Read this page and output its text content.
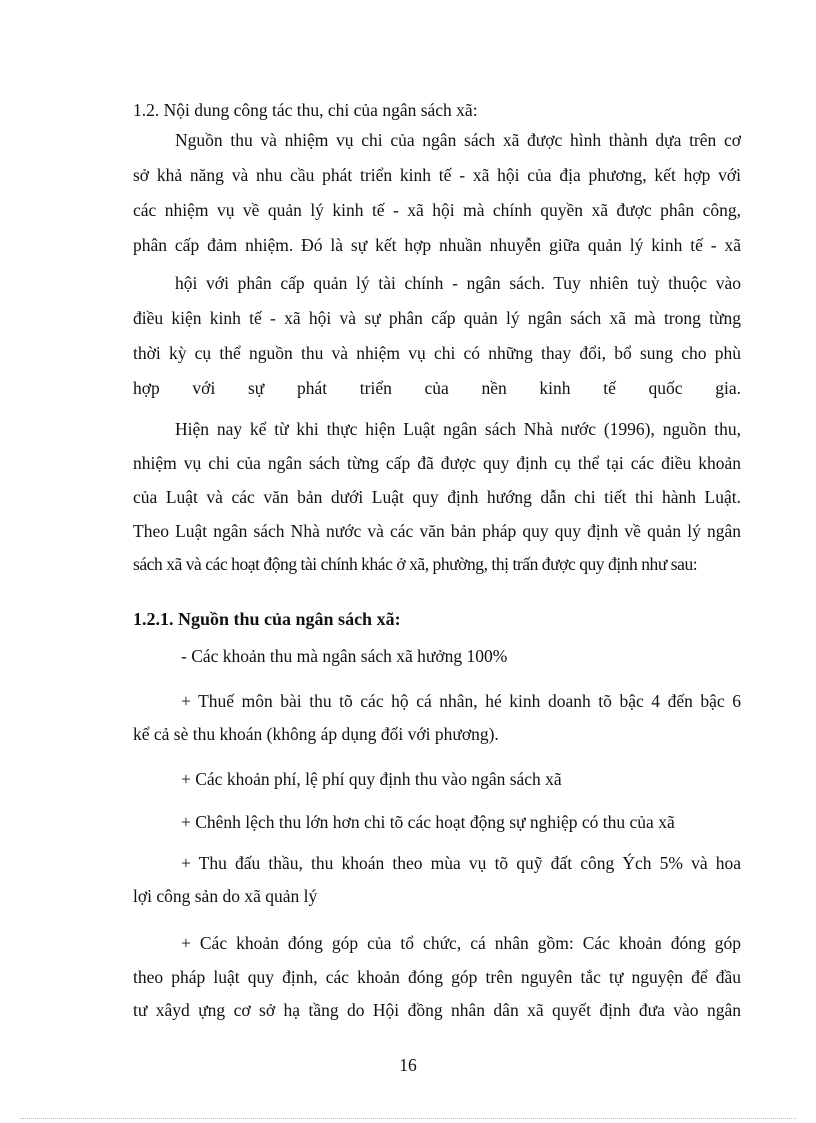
1.2. Nội dung công tác thu, chi của ngân sách xã:
Nguồn thu và nhiệm vụ chi của ngân sách xã được hình thành dựa trên cơ
sở khả năng và nhu cầu phát triển kinh tế - xã hội của địa phương, kết hợp với
các nhiệm vụ về quản lý kinh tế - xã hội mà chính quyền xã được phân công,
phân cấp đảm nhiệm. Đó là sự kết hợp nhuần nhuyễn giữa quản lý kinh tế - xã
hội với phân cấp quản lý tài chính - ngân sách. Tuy nhiên tuỳ thuộc vào
điều kiện kinh tế - xã hội và sự phân cấp quản lý ngân sách xã mà trong từng
thời kỳ cụ thể nguồn thu và nhiệm vụ chi có những thay đổi, bổ sung cho phù
hợp với sự phát triển của nền kinh tế quốc gia.
Hiện nay kể từ khi thực hiện Luật ngân sách Nhà nước (1996), nguồn thu,
nhiệm vụ chi của ngân sách từng cấp đã được quy định cụ thể tại các điều khoản
của Luật và các văn bản dưới Luật quy định hướng dẫn chi tiết thi hành Luật.
Theo Luật ngân sách Nhà nước và các văn bản pháp quy quy định về quản lý ngân
sách xã và các hoạt động tài chính khác ở xã, phường, thị trấn được quy định như sau:
1.2.1. Nguồn thu của ngân sách xã:
- Các khoản thu mà ngân sách xã hưởng 100%
+ Thuế môn bài thu tõ các hộ cá nhân, hé kinh doanh tõ bậc 4 đến bậc 6
kể cả sè thu khoán (không áp dụng đối với phương).
+ Các khoản phí, lệ phí quy định thu vào ngân sách xã
+ Chênh lệch thu lớn hơn chi tõ các hoạt động sự nghiệp có thu của xã
+ Thu đấu thầu, thu khoán theo mùa vụ tõ quỹ đất công Ých 5% và hoa
lợi công sản do xã quản lý
+ Các khoản đóng góp của tổ chức, cá nhân gồm: Các khoản đóng góp
theo pháp luật quy định, các khoản đóng góp trên nguyên tắc tự nguyện để đầu
tư xâyd ựng cơ sở hạ tầng do Hội đồng nhân dân xã quyết định đưa vào ngân
16
